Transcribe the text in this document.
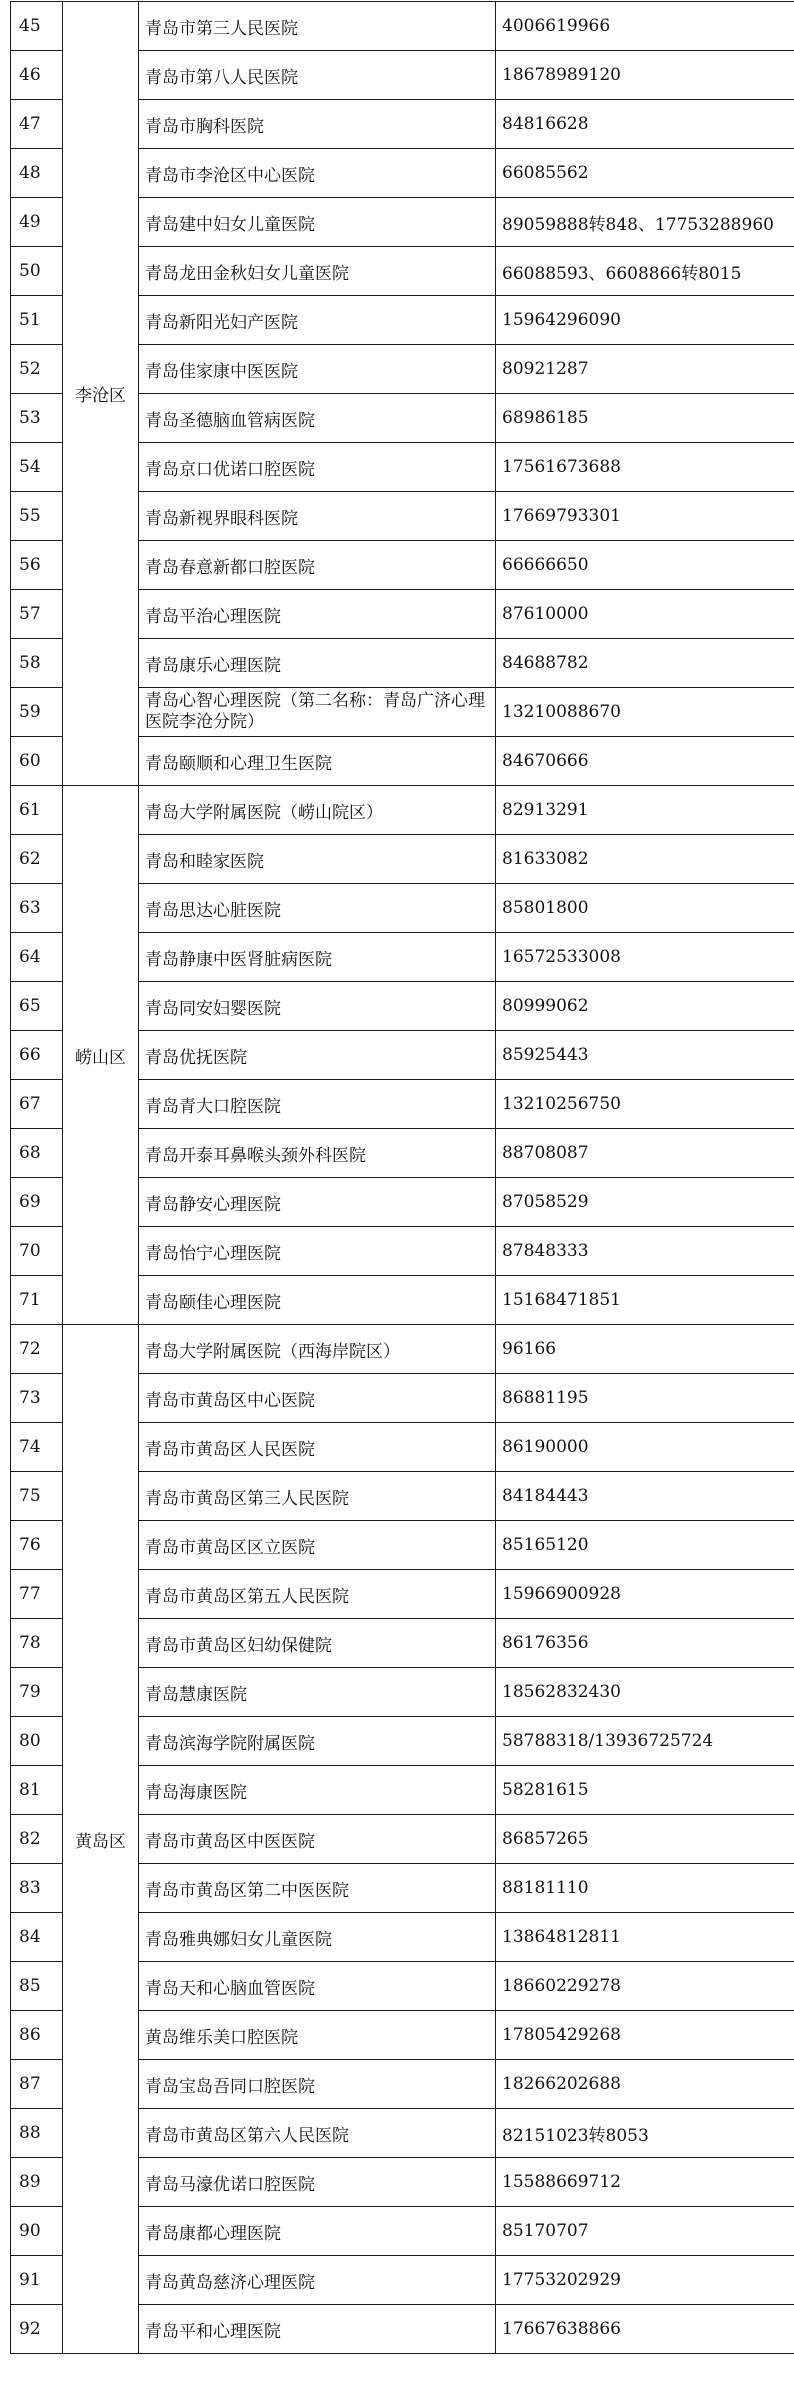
45	李沧区	青岛市第三人民医院	4006619966
46		青岛市第八人民医院	18678989120
47		青岛市胸科医院	84816628
48		青岛市李沧区中心医院	66085562
49		青岛建中妇女儿童医院	89059888转848、17753288960
50		青岛龙田金秋妇女儿童医院	66088593、6608866转8015
51		青岛新阳光妇产医院	15964296090
52		青岛佳家康中医医院	80921287
53		青岛圣德脑血管病医院	68986185
54		青岛京口优诺口腔医院	17561673688
55		青岛新视界眼科医院	17669793301
56		青岛春意新都口腔医院	66666650
57		青岛平治心理医院	87610000
58		青岛康乐心理医院	84688782
59		青岛心智心理医院（第二名称：青岛广济心理医院李沧分院）	13210088670
60		青岛颐顺和心理卫生医院	84670666
61	崂山区	青岛大学附属医院（崂山院区）	82913291
62		青岛和睦家医院	81633082
63		青岛思达心脏医院	85801800
64		青岛静康中医肾脏病医院	16572533008
65		青岛同安妇婴医院	80999062
66		青岛优抚医院	85925443
67		青岛青大口腔医院	13210256750
68		青岛开泰耳鼻喉头颈外科医院	88708087
69		青岛静安心理医院	87058529
70		青岛怡宁心理医院	87848333
71		青岛颐佳心理医院	15168471851
72	黄岛区	青岛大学附属医院（西海岸院区）	96166
73		青岛市黄岛区中心医院	86881195
74		青岛市黄岛区人民医院	86190000
75		青岛市黄岛区第三人民医院	84184443
76		青岛市黄岛区区立医院	85165120
77		青岛市黄岛区第五人民医院	15966900928
78		青岛市黄岛区妇幼保健院	86176356
79		青岛慧康医院	18562832430
80		青岛滨海学院附属医院	58788318/13936725724
81		青岛海康医院	58281615
82		青岛市黄岛区中医医院	86857265
83		青岛市黄岛区第二中医医院	88181110
84		青岛雅典娜妇女儿童医院	13864812811
85		青岛天和心脑血管医院	18660229278
86		黄岛维乐美口腔医院	17805429268
87		青岛宝岛吾同口腔医院	18266202688
88		青岛市黄岛区第六人民医院	82151023转8053
89		青岛马濠优诺口腔医院	15588669712
90		青岛康都心理医院	85170707
91		青岛黄岛慈济心理医院	17753202929
92		青岛平和心理医院	17667638866
